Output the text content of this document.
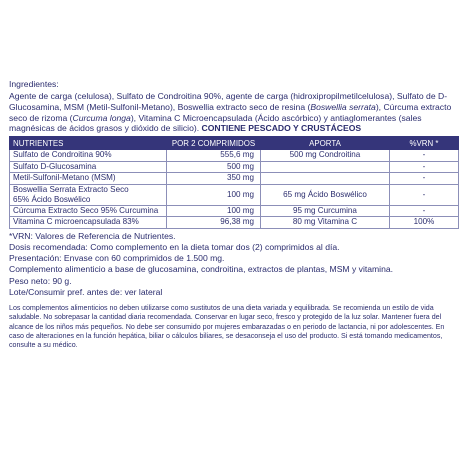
Ingredientes:
Agente de carga (celulosa), Sulfato de Condroitina 90%, agente de carga (hidroxipropilmetilcelulosa), Sulfato de D-Glucosamina, MSM (Metil-Sulfonil-Metano), Boswellia extracto seco de resina (Boswellia serrata), Cúrcuma extracto seco de rizoma (Curcuma longa), Vitamina C Microencapsulada (Ácido ascórbico) y antiaglomerantes (sales magnésicas de ácidos grasos y dióxido de silicio). CONTIENE PESCADO Y CRUSTÁCEOS
NUTRIENTES	POR 2 COMPRIMIDOS	APORTA	%VRN *
Sulfato de Condroitina 90%	555,6 mg	500 mg Condroitina	-
Sulfato D-Glucosamina	500 mg		-
Metil-Sulfonil-Metano (MSM)	350 mg		-

Boswellia Serrata Extracto Seco
65% Ácido Boswélico	100 mg	65 mg Ácido Boswélico	-
Cúrcuma Extracto Seco 95% Curcumina	100 mg	95 mg Curcumina	-
Vitamina C microencapsulada 83%	96,38 mg	80 mg Vitamina C	100%
*VRN: Valores de Referencia de Nutrientes.
Dosis recomendada: Como complemento en la dieta tomar dos (2) comprimidos al día.
Presentación: Envase con 60 comprimidos de 1.500 mg.
Complemento alimenticio a base de glucosamina, condroitina, extractos de plantas, MSM y vitamina.
Peso neto: 90 g.
Lote/Consumir pref. antes de: ver lateral
Los complementos alimenticios no deben utilizarse como sustitutos de una dieta variada y equilibrada. Se recomienda un estilo de vida saludable. No sobrepasar la cantidad diaria recomendada. Conservar en lugar seco, fresco y protegido de la luz solar. Mantener fuera del alcance de los niños más pequeños. No debe ser consumido por mujeres embarazadas o en periodo de lactancia, ni por adolescentes. En caso de alteraciones en la función hepática, biliar o cálculos biliares, se desaconseja el uso del producto. Si está tomando medicamentos, consulte a su médico.
